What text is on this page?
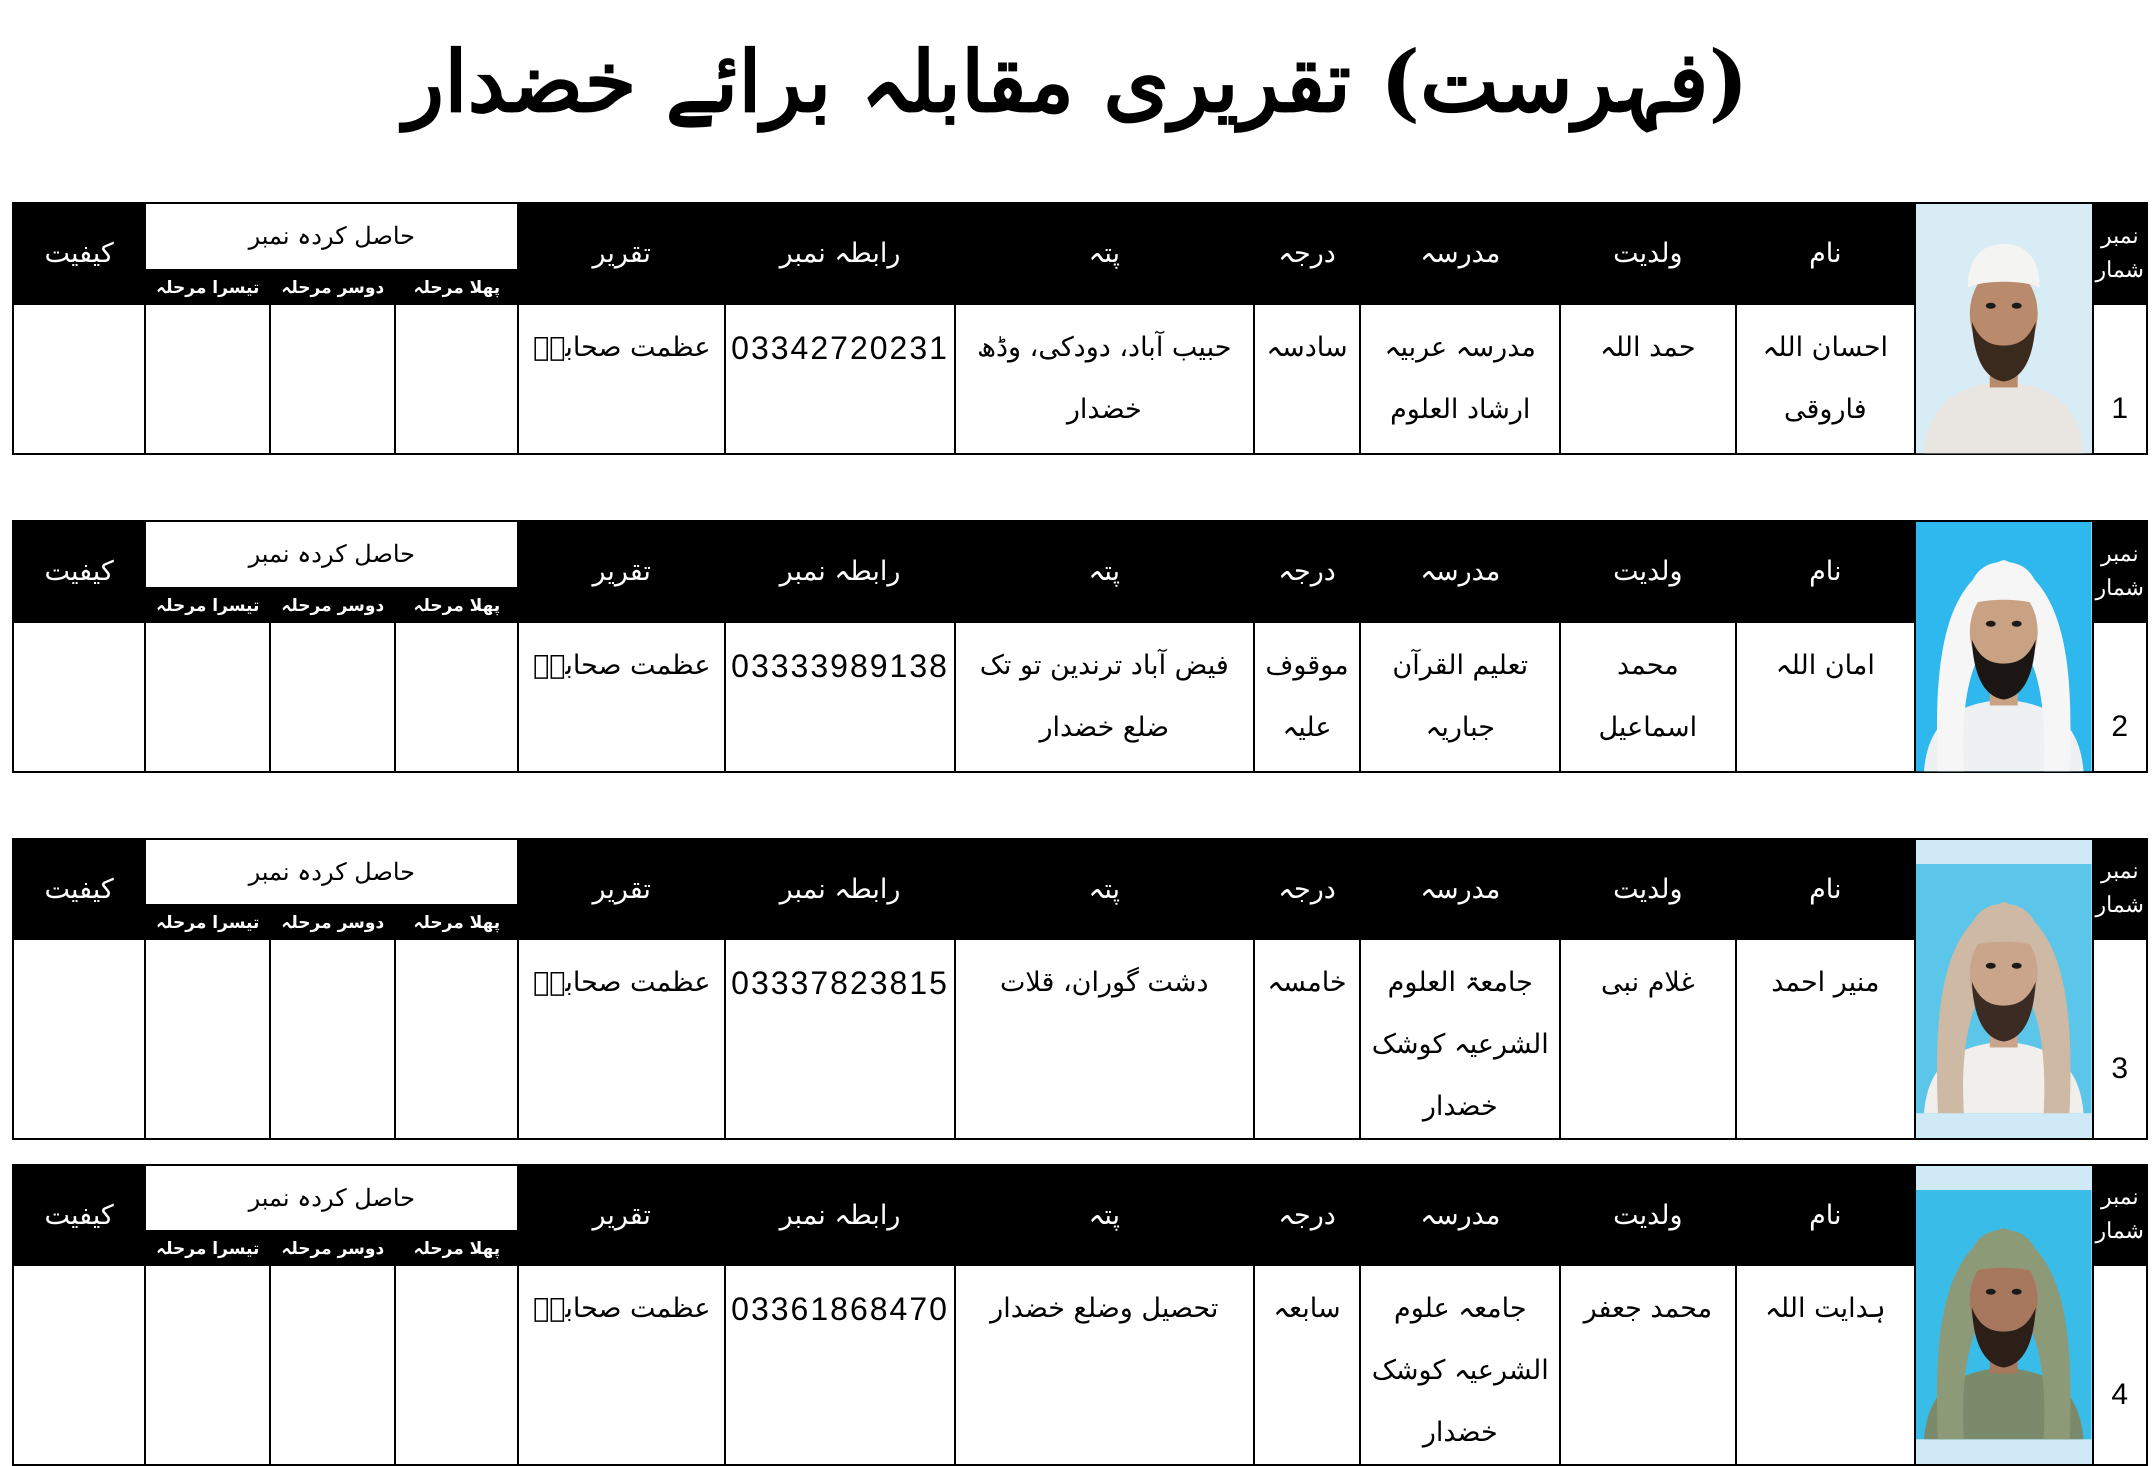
(فہرست) تقریری مقابلہ برائے خضدار
نمبر شمار		نام	ولدیت	مدرسہ	درجہ	پتہ	رابطہ نمبر	تقریر	حاصل کردہ نمبر			کیفیت
									پھلا مرحلہ	دوسر مرحلہ	تیسرا مرحلہ	
1		احسان اللہ فاروقی	حمد اللہ	مدرسہ عربیہ ارشاد العلوم	سادسہ	حبیب آباد، دودکی، وڈھ خضدار	03342720231	عظمت صحابہؓ				
نمبر شمار		نام	ولدیت	مدرسہ	درجہ	پتہ	رابطہ نمبر	تقریر	حاصل کردہ نمبر			کیفیت
									پھلا مرحلہ	دوسر مرحلہ	تیسرا مرحلہ	
2		امان اللہ	محمد اسماعیل	تعلیم القرآن جباریہ	موقوف علیہ	فیض آباد ترندین تو تک ضلع خضدار	03333989138	عظمت صحابہؓ				
نمبر شمار		نام	ولدیت	مدرسہ	درجہ	پتہ	رابطہ نمبر	تقریر	حاصل کردہ نمبر			کیفیت
									پھلا مرحلہ	دوسر مرحلہ	تیسرا مرحلہ	
3		منیر احمد	غلام نبی	جامعۃ العلوم الشرعیہ کوشک خضدار	خامسہ	دشت گوران، قلات	03337823815	عظمت صحابہؓ				
نمبر شمار		نام	ولدیت	مدرسہ	درجہ	پتہ	رابطہ نمبر	تقریر	حاصل کردہ نمبر			کیفیت
									پھلا مرحلہ	دوسر مرحلہ	تیسرا مرحلہ	
4		ہدایت اللہ	محمد جعفر	جامعہ علوم الشرعیہ کوشک خضدار	سابعہ	تحصیل وضلع خضدار	03361868470	عظمت صحابہؓ				
